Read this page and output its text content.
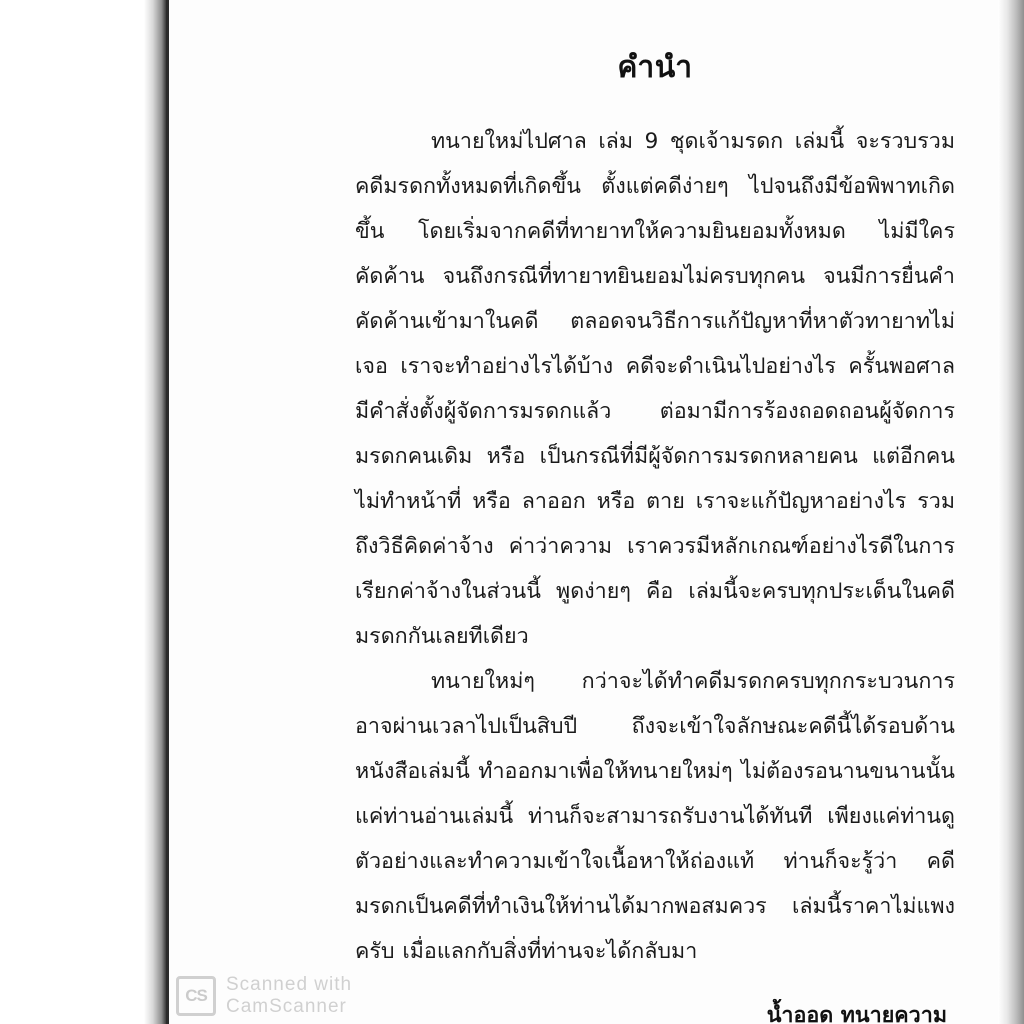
คำนำ

ทนายใหม่ไปศาล เล่ม 9 ชุดเจ้ามรดก เล่มนี้ จะรวบรวมคดีมรดกทั้งหมดที่เกิดขึ้น ตั้งแต่คดีง่ายๆ ไปจนถึงมีข้อพิพาทเกิดขึ้น โดยเริ่มจากคดีที่ทายาทให้ความยินยอมทั้งหมด ไม่มีใครคัดค้าน จนถึงกรณีที่ทายาทยินยอมไม่ครบทุกคน จนมีการยื่นคำคัดค้านเข้ามาในคดี ตลอดจนวิธีการแก้ปัญหาที่หาตัวทายาทไม่เจอ เราจะทำอย่างไรได้บ้าง คดีจะดำเนินไปอย่างไร ครั้นพอศาลมีคำสั่งตั้งผู้จัดการมรดกแล้ว ต่อมามีการร้องถอดถอนผู้จัดการมรดกคนเดิม หรือ เป็นกรณีที่มีผู้จัดการมรดกหลายคน แต่อีกคนไม่ทำหน้าที่ หรือ ลาออก หรือ ตาย เราจะแก้ปัญหาอย่างไร รวมถึงวิธีคิดค่าจ้าง ค่าว่าความ เราควรมีหลักเกณฑ์อย่างไรดีในการเรียกค่าจ้างในส่วนนี้ พูดง่ายๆ คือ เล่มนี้จะครบทุกประเด็นในคดีมรดกกันเลยทีเดียว

ทนายใหม่ๆ กว่าจะได้ทำคดีมรดกครบทุกกระบวนการ อาจผ่านเวลาไปเป็นสิบปี ถึงจะเข้าใจลักษณะคดีนี้ได้รอบด้าน หนังสือเล่มนี้ ทำออกมาเพื่อให้ทนายใหม่ๆ ไม่ต้องรอนานขนานนั้น แค่ท่านอ่านเล่มนี้ ท่านก็จะสามารถรับงานได้ทันที เพียงแค่ท่านดูตัวอย่างและทำความเข้าใจเนื้อหาให้ถ่องแท้ ท่านก็จะรู้ว่า คดีมรดกเป็นคดีที่ทำเงินให้ท่านได้มากพอสมควร เล่มนี้ราคาไม่แพงครับ เมื่อแลกกับสิ่งที่ท่านจะได้กลับมา

น้ำออด ทนายความ
CS
Scanned with
CamScanner
